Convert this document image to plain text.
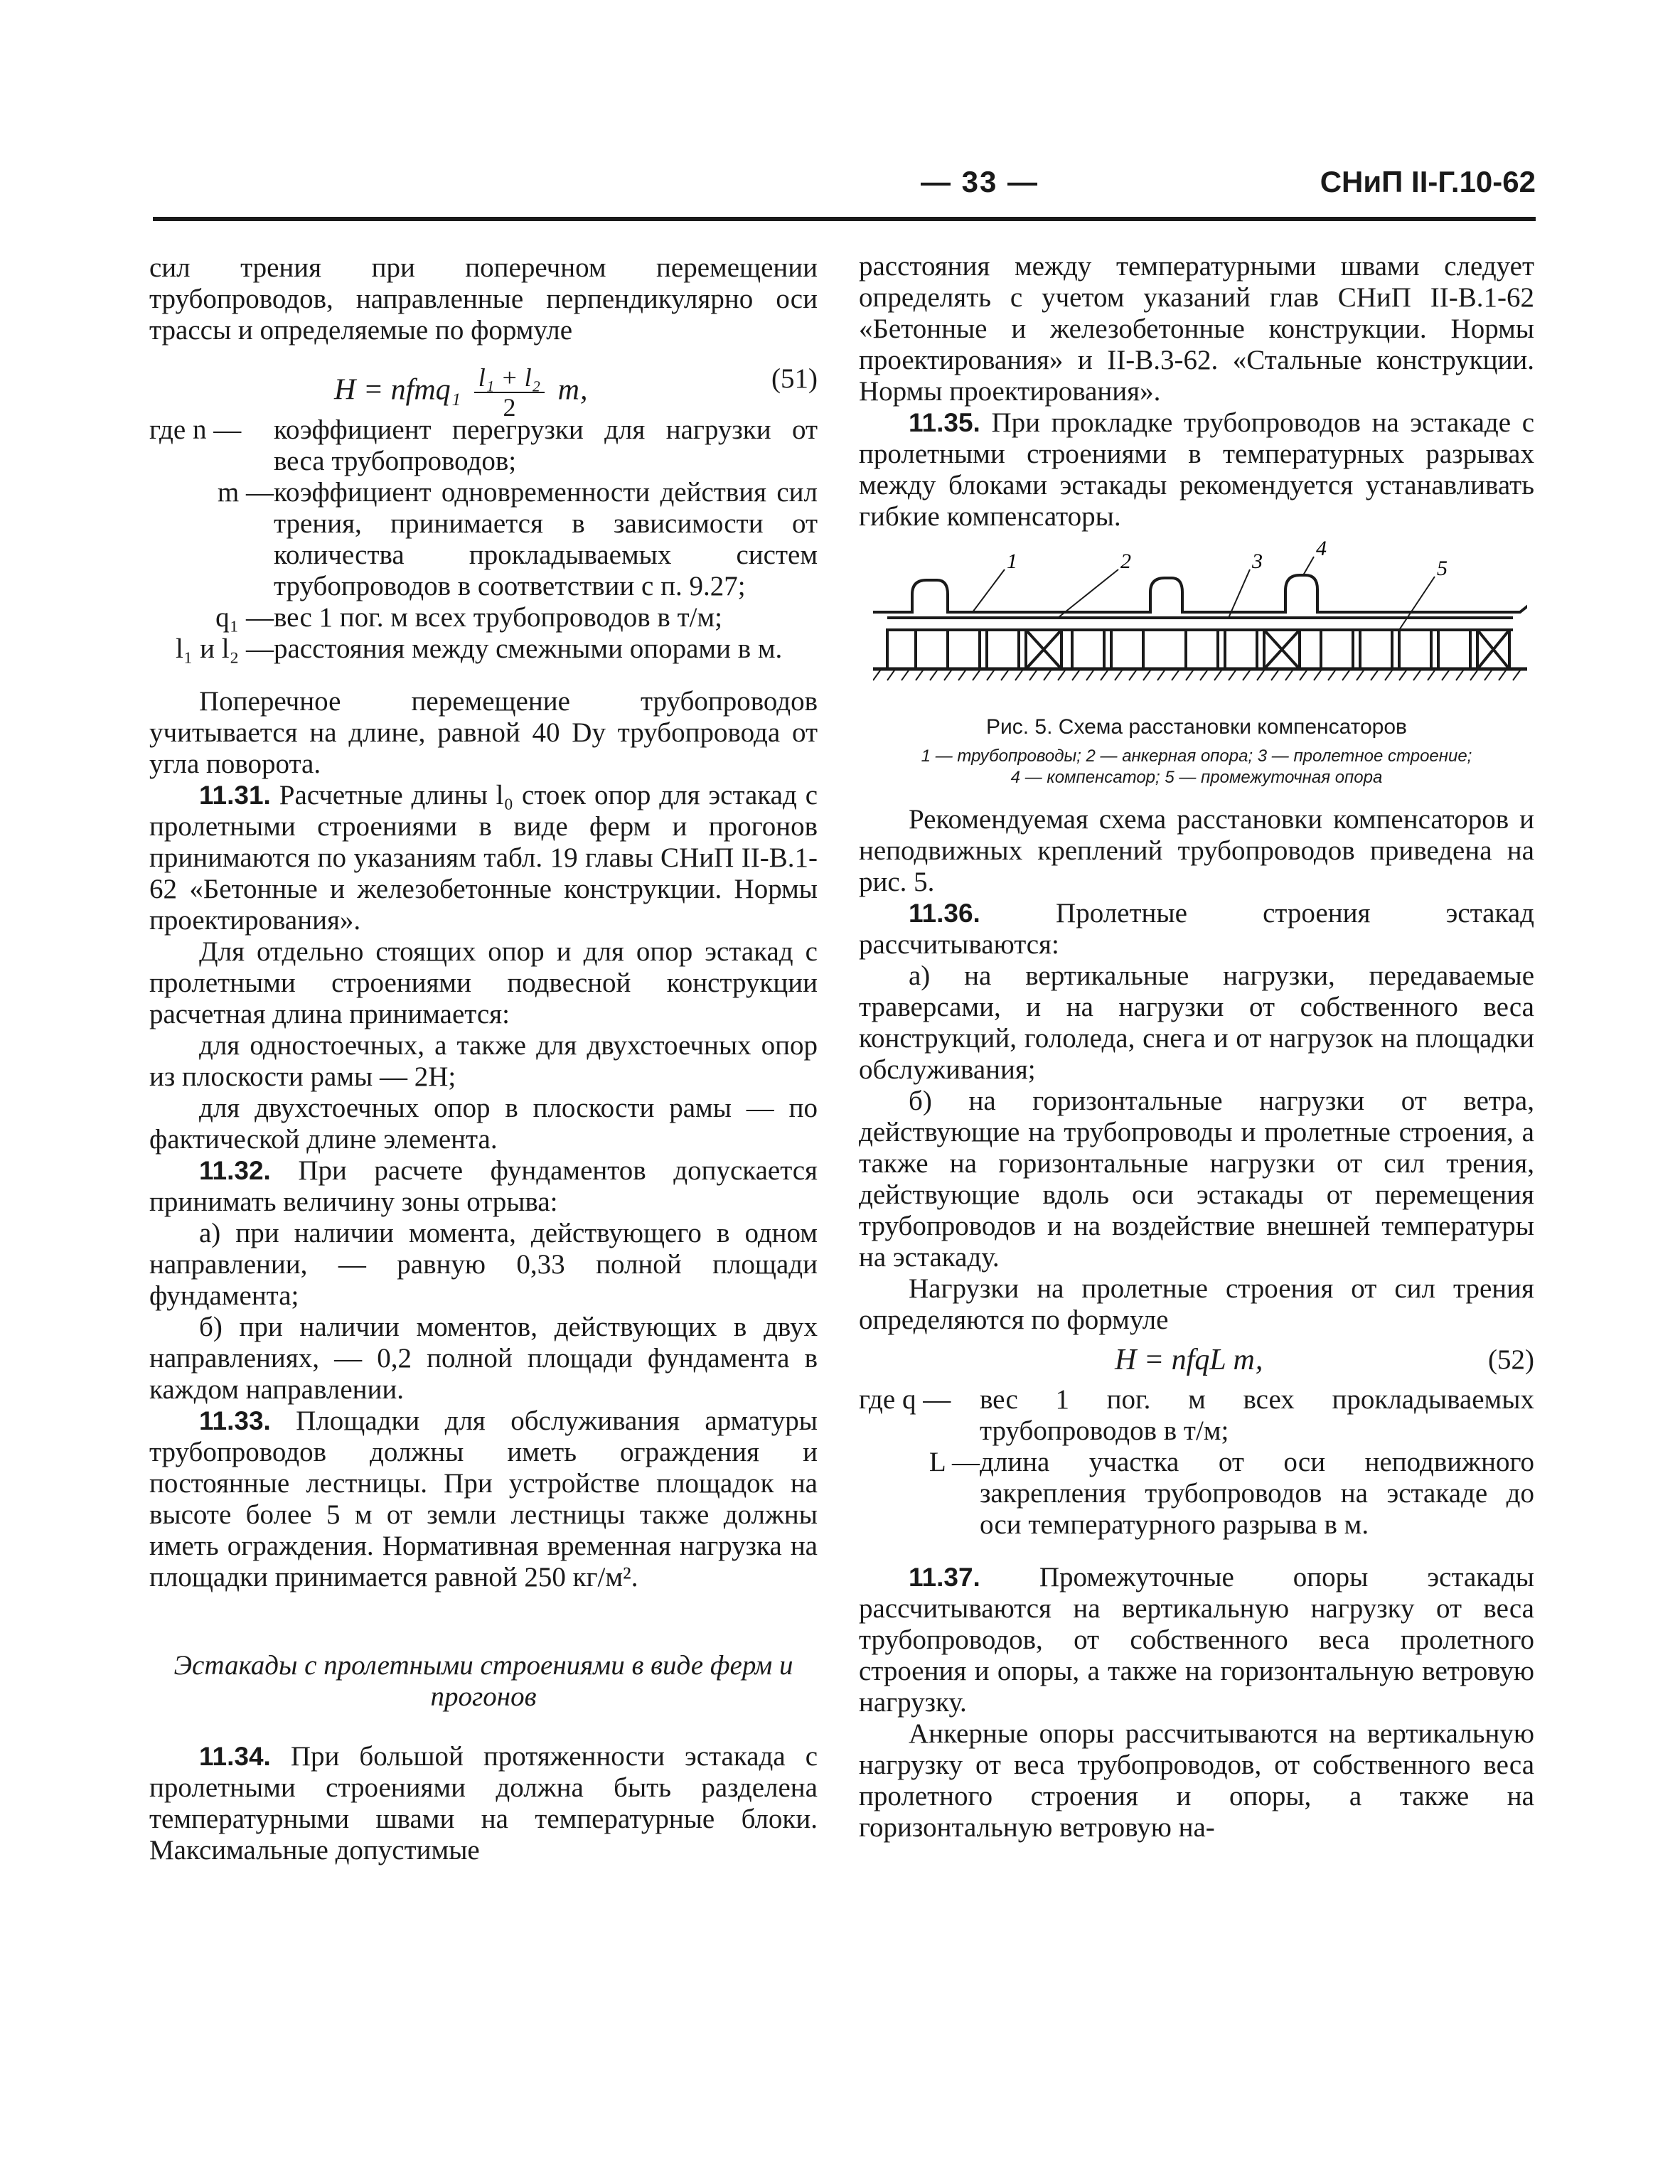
— 33 —	СНиП II-Г.10-62

сил трения при поперечном перемещении трубопроводов, направленные перпендикулярно оси трассы и определяемые по формуле

H = nfmq₁ $\frac{\text{l₁ + l₂}}{2} т$,	(51)
где n —	коэффициент перегрузки для нагрузки от веса трубопроводов;
m — коэффициент одновременности действия сил трения, принимается в зависимости от количества прокладываемых систем трубопроводов в соответствии с п. 9.27;
q₁ — вес 1 пог. м всех трубопроводов в т/м;
l₁ и l₂ — расстояния между смежными опорами в м.

Поперечное перемещение трубопроводов учитывается на длине, равной 40 Dу трубопровода от угла поворота.

11.31. Расчетные длины l₀ стоек опор для эстакад с пролетными строениями в виде ферм и прогонов принимаются по указаниям табл. 19 главы СНиП II-В.1-62 «Бетонные и железобетонные конструкции. Нормы проектирования».

Для отдельно стоящих опор и для опор эстакад с пролетными строениями подвесной конструкции расчетная длина принимается:

для одностоечных, а также для двухстоечных опор из плоскости рамы — 2H;

для двухстоечных опор в плоскости рамы — по фактической длине элемента.

11.32. При расчете фундаментов допускается принимать величину зоны отрыва:

а) при наличии момента, действующего в одном направлении, — равную 0,33 полной площади фундамента;

б) при наличии моментов, действующих в двух направлениях, — 0,2 полной площади фундамента в каждом направлении.

11.33. Площадки для обслуживания арматуры трубопроводов должны иметь ограждения и постоянные лестницы. При устройстве площадок на высоте более 5 м от земли лестницы также должны иметь ограждения. Нормативная временная нагрузка на площадки принимается равной 250 кг/м².

Эстакады с пролетными строениями в виде ферм и прогонов

11.34. При большой протяженности эстакада с пролетными строениями должна быть разделена температурными швами на температурные блоки. Максимальные допустимые

расстояния между температурными швами следует определять с учетом указаний глав СНиП II-В.1-62 «Бетонные и железобетонные конструкции. Нормы проектирования» и II-В.3-62. «Стальные конструкции. Нормы проектирования».

11.35. При прокладке трубопроводов на эстакаде с пролетными строениями в температурных разрывах между блоками эстакады рекомендуется устанавливать гибкие компенсаторы.

1	2	3
4
5

Рис. 5. Схема расстановки компенсаторов

1 — трубопроводы; 2 — анкерная опора; 3 — пролетное строение;

4 — компенсатор; 5 — промежуточная опора

Рекомендуемая схема расстановки компенсаторов и неподвижных креплений трубопроводов приведена на рис. 5.

11.36.	Пролетные строения эстакад рассчитываются:

а) на вертикальные нагрузки, передаваемые траверсами, и на нагрузки от собственного веса конструкций, гололеда, снега и от нагрузок на площадки обслуживания;

б) на горизонтальные нагрузки от ветра, действующие на трубопроводы и пролетные строения, а также на горизонтальные нагрузки от сил трения, действующие вдоль оси эстакады от перемещения трубопроводов и на воздействие внешней температуры на эстакаду.

Нагрузки на пролетные строения от сил трения определяются по формуле

H = nfqL т,	(52)
где q —	вес 1 пог. м всех прокладываемых трубопроводов в т/м;
L — длина участка от оси неподвижного закрепления трубопроводов на эстакаде до оси температурного разрыва в м.

11.37. Промежуточные опоры эстакады рассчитываются на вертикальную нагрузку от веса трубопроводов, от собственного веса пролетного строения и опоры, а также на горизонтальную ветровую нагрузку.

Анкерные опоры рассчитываются на вертикальную нагрузку от веса трубопроводов, от собственного веса пролетного строения и опоры, а также на горизонтальную ветровую на-
